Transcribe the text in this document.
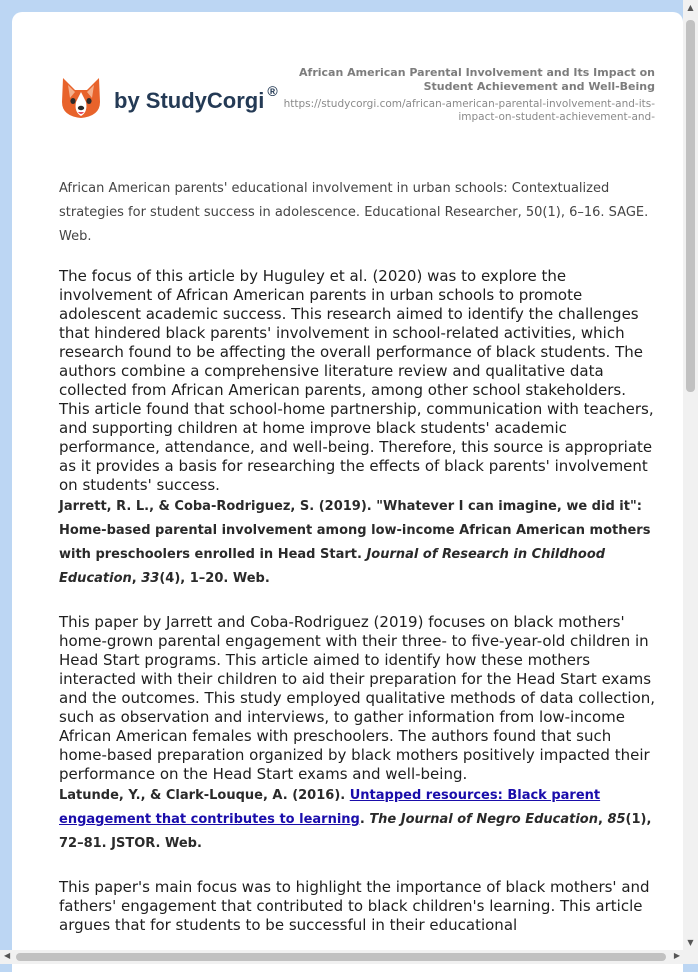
by StudyCorgi ®
African American Parental Involvement and Its Impact on Student Achievement and Well-Being
https://studycorgi.com/african-american-parental-involvement-and-its-impact-on-student-achievement-and-

African American parents' educational involvement in urban schools: Contextualized strategies for student success in adolescence. Educational Researcher, 50(1), 6–16. SAGE. Web.

The focus of this article by Huguley et al. (2020) was to explore the involvement of African American parents in urban schools to promote adolescent academic success. This research aimed to identify the challenges that hindered black parents' involvement in school-related activities, which research found to be affecting the overall performance of black students. The authors combine a comprehensive literature review and qualitative data collected from African American parents, among other school stakeholders. This article found that school-home partnership, communication with teachers, and supporting children at home improve black students' academic performance, attendance, and well-being. Therefore, this source is appropriate as it provides a basis for researching the effects of black parents' involvement on students' success.

Jarrett, R. L., & Coba-Rodriguez, S. (2019). "Whatever I can imagine, we did it": Home-based parental involvement among low-income African American mothers with preschoolers enrolled in Head Start. Journal of Research in Childhood Education, 33(4), 1–20. Web.

This paper by Jarrett and Coba-Rodriguez (2019) focuses on black mothers' home-grown parental engagement with their three- to five-year-old children in Head Start programs. This article aimed to identify how these mothers interacted with their children to aid their preparation for the Head Start exams and the outcomes. This study employed qualitative methods of data collection, such as observation and interviews, to gather information from low-income African American females with preschoolers. The authors found that such home-based preparation organized by black mothers positively impacted their performance on the Head Start exams and well-being.

Latunde, Y., & Clark-Louque, A. (2016). Untapped resources: Black parent engagement that contributes to learning. The Journal of Negro Education, 85(1), 72–81. JSTOR. Web.

This paper's main focus was to highlight the importance of black mothers' and fathers' engagement that contributed to black children's learning. This article argues that for students to be successful in their educational

▲
▼
◀	▶
